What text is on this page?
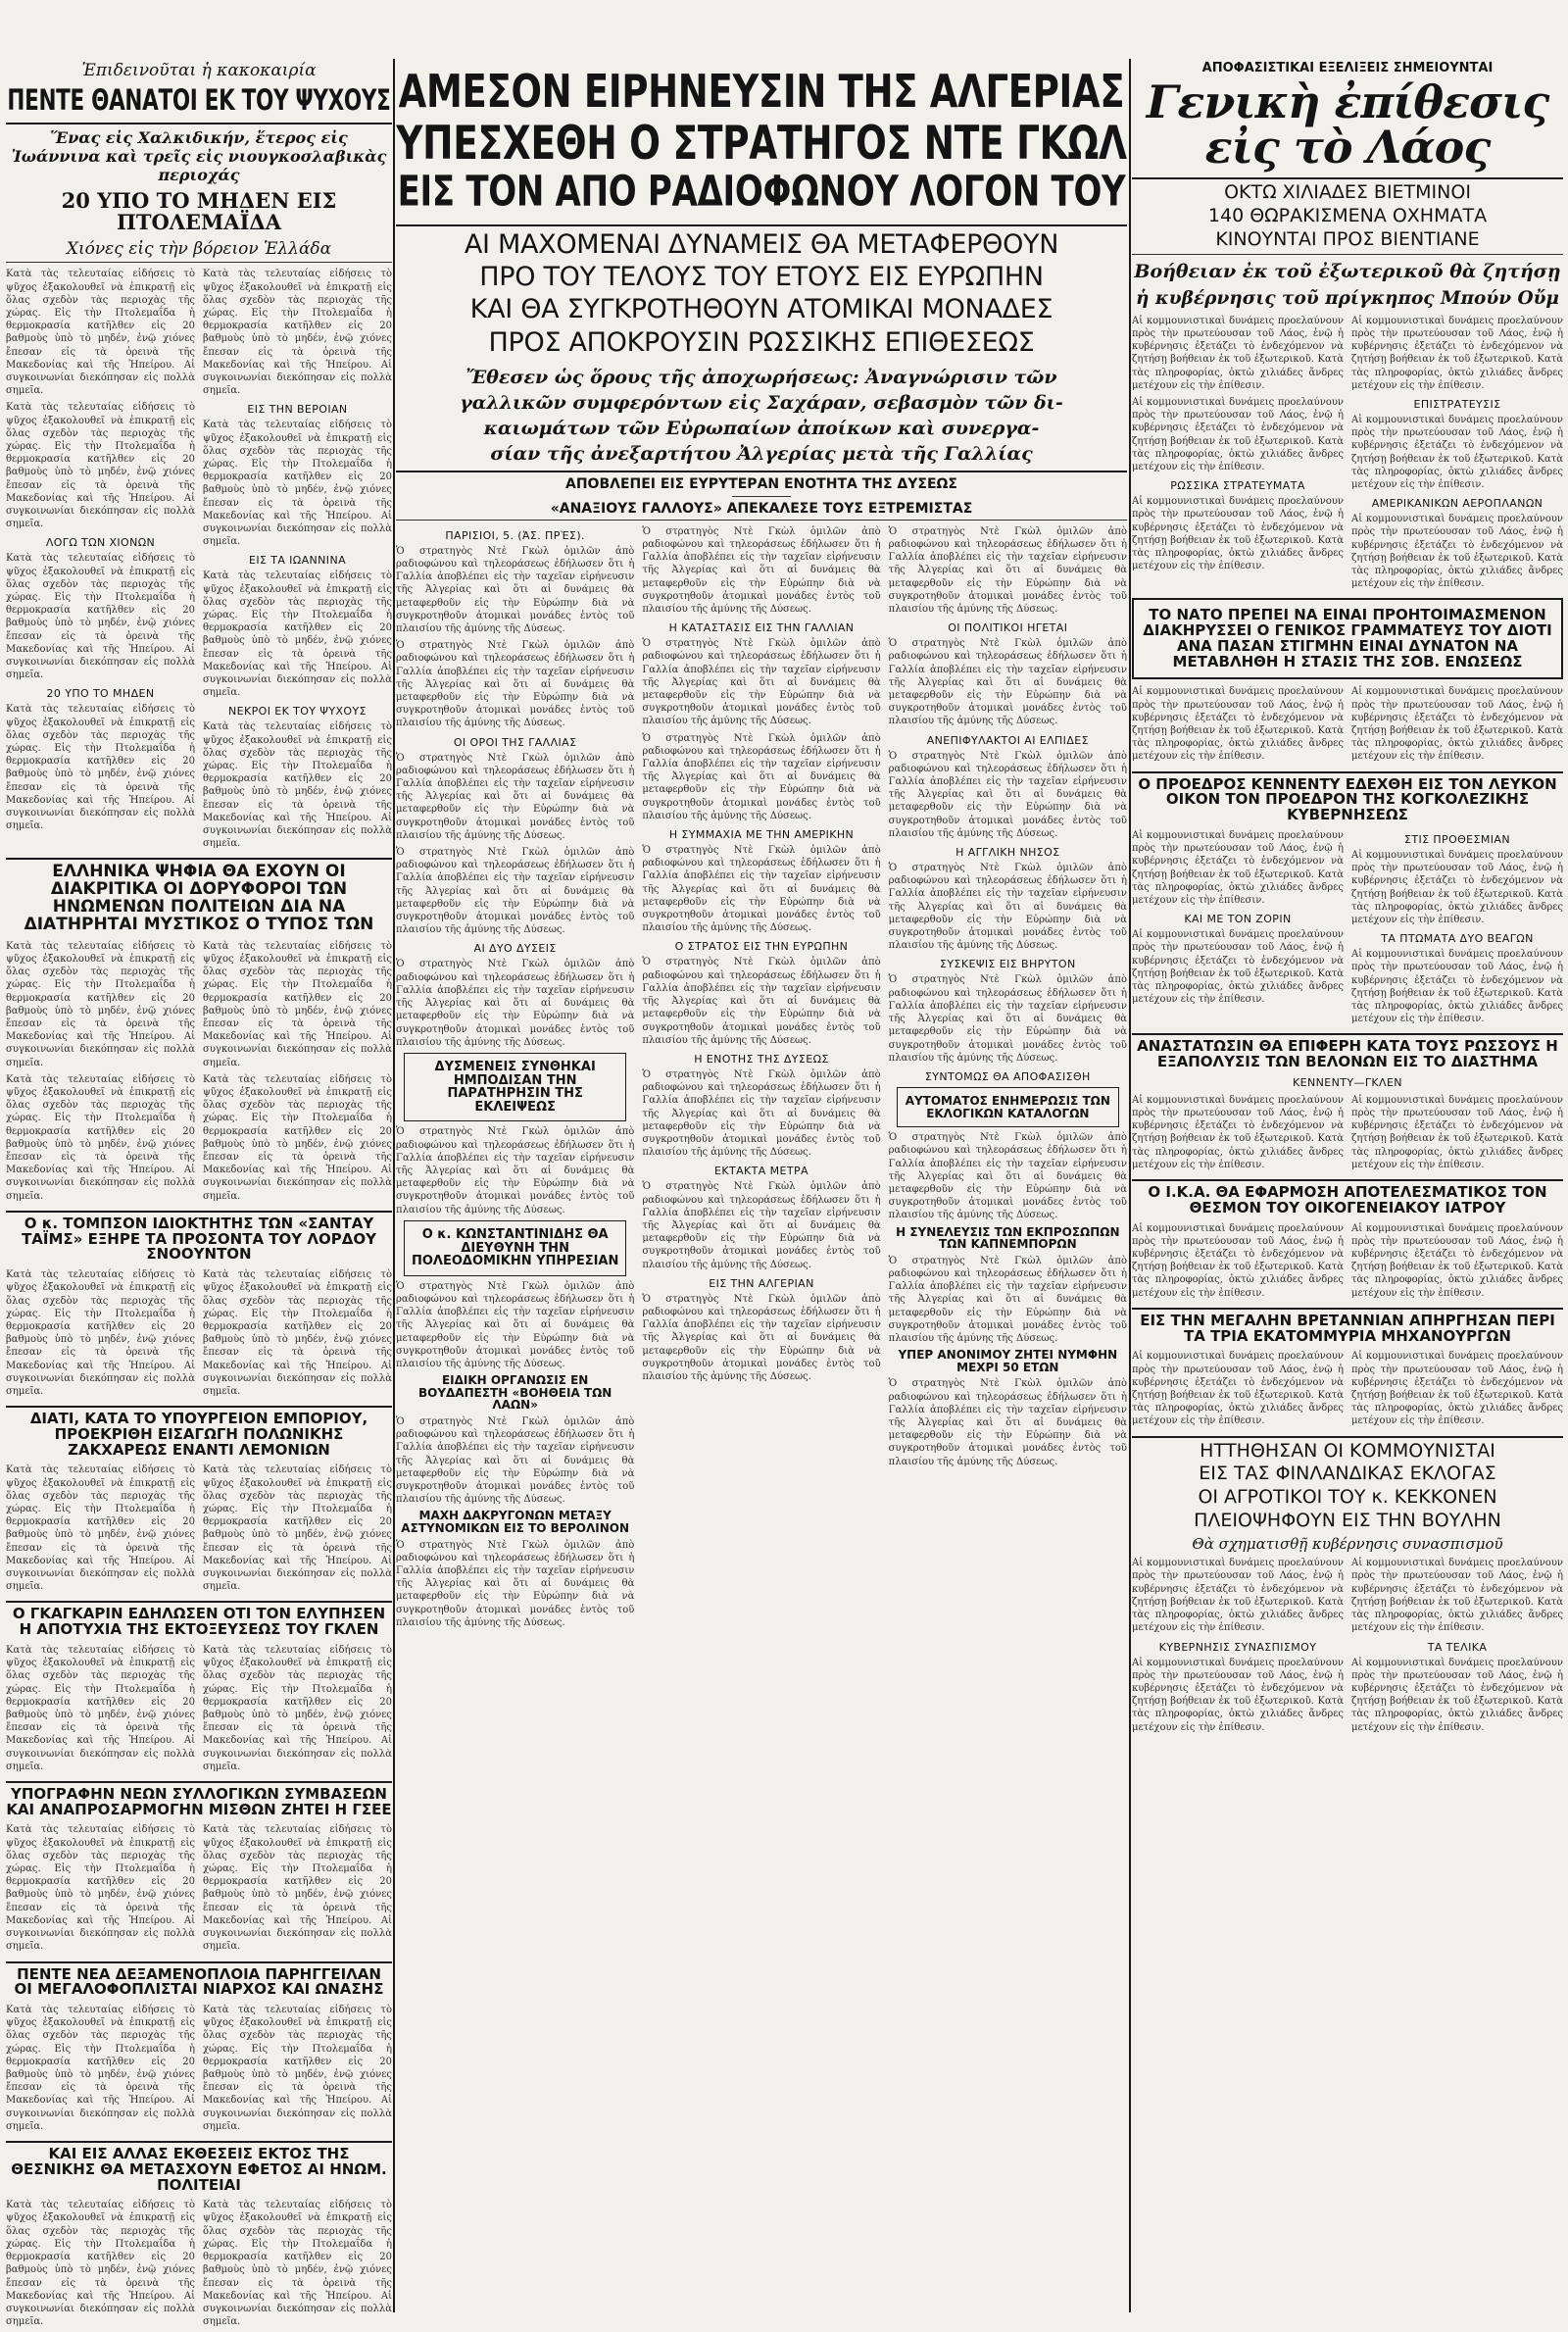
Ἐπιδεινοῦται ἡ κακοκαιρία
ΠΕΝΤΕ ΘΑΝΑΤΟΙ ΕΚ ΤΟΥ ΨΥΧΟΥΣ
Ἕνας εἰς Χαλκιδικήν, ἕτερος εἰς Ἰωάννινα καὶ τρεῖς εἰς νιουγκοσλαβικὰς περιοχάς
20 ΥΠΟ ΤΟ ΜΗΔΕΝ ΕΙΣ ΠΤΟΛΕΜΑΪΔΑ
Χιόνες εἰς τὴν βόρειον Ἑλλάδα

Κατὰ τὰς τελευταίας εἰδήσεις τὸ ψῦχος ἐξακολουθεῖ νὰ ἐπικρατῇ εἰς ὅλας σχεδὸν τὰς περιοχὰς τῆς χώρας. Εἰς τὴν Πτολεμαΐδα ἡ θερμοκρασία κατῆλθεν εἰς 20 βαθμοὺς ὑπὸ τὸ μηδέν, ἐνῷ χιόνες ἔπεσαν εἰς τὰ ὀρεινὰ τῆς Μακεδονίας καὶ τῆς Ἠπείρου. Αἱ συγκοινωνίαι διεκόπησαν εἰς πολλὰ σημεῖα.

Κατὰ τὰς τελευταίας εἰδήσεις τὸ ψῦχος ἐξακολουθεῖ νὰ ἐπικρατῇ εἰς ὅλας σχεδὸν τὰς περιοχὰς τῆς χώρας. Εἰς τὴν Πτολεμαΐδα ἡ θερμοκρασία κατῆλθεν εἰς 20 βαθμοὺς ὑπὸ τὸ μηδέν, ἐνῷ χιόνες ἔπεσαν εἰς τὰ ὀρεινὰ τῆς Μακεδονίας καὶ τῆς Ἠπείρου. Αἱ συγκοινωνίαι διεκόπησαν εἰς πολλὰ σημεῖα.

ΛΟΓΩ ΤΩΝ ΧΙΟΝΩΝ

Κατὰ τὰς τελευταίας εἰδήσεις τὸ ψῦχος ἐξακολουθεῖ νὰ ἐπικρατῇ εἰς ὅλας σχεδὸν τὰς περιοχὰς τῆς χώρας. Εἰς τὴν Πτολεμαΐδα ἡ θερμοκρασία κατῆλθεν εἰς 20 βαθμοὺς ὑπὸ τὸ μηδέν, ἐνῷ χιόνες ἔπεσαν εἰς τὰ ὀρεινὰ τῆς Μακεδονίας καὶ τῆς Ἠπείρου. Αἱ συγκοινωνίαι διεκόπησαν εἰς πολλὰ σημεῖα.

20 ΥΠΟ ΤΟ ΜΗΔΕΝ

Κατὰ τὰς τελευταίας εἰδήσεις τὸ ψῦχος ἐξακολουθεῖ νὰ ἐπικρατῇ εἰς ὅλας σχεδὸν τὰς περιοχὰς τῆς χώρας. Εἰς τὴν Πτολεμαΐδα ἡ θερμοκρασία κατῆλθεν εἰς 20 βαθμοὺς ὑπὸ τὸ μηδέν, ἐνῷ χιόνες ἔπεσαν εἰς τὰ ὀρεινὰ τῆς Μακεδονίας καὶ τῆς Ἠπείρου. Αἱ συγκοινωνίαι διεκόπησαν εἰς πολλὰ σημεῖα.

Κατὰ τὰς τελευταίας εἰδήσεις τὸ ψῦχος ἐξακολουθεῖ νὰ ἐπικρατῇ εἰς ὅλας σχεδὸν τὰς περιοχὰς τῆς χώρας. Εἰς τὴν Πτολεμαΐδα ἡ θερμοκρασία κατῆλθεν εἰς 20 βαθμοὺς ὑπὸ τὸ μηδέν, ἐνῷ χιόνες ἔπεσαν εἰς τὰ ὀρεινὰ τῆς Μακεδονίας καὶ τῆς Ἠπείρου. Αἱ συγκοινωνίαι διεκόπησαν εἰς πολλὰ σημεῖα.

ΕΙΣ ΤΗΝ ΒΕΡΟΙΑΝ

Κατὰ τὰς τελευταίας εἰδήσεις τὸ ψῦχος ἐξακολουθεῖ νὰ ἐπικρατῇ εἰς ὅλας σχεδὸν τὰς περιοχὰς τῆς χώρας. Εἰς τὴν Πτολεμαΐδα ἡ θερμοκρασία κατῆλθεν εἰς 20 βαθμοὺς ὑπὸ τὸ μηδέν, ἐνῷ χιόνες ἔπεσαν εἰς τὰ ὀρεινὰ τῆς Μακεδονίας καὶ τῆς Ἠπείρου. Αἱ συγκοινωνίαι διεκόπησαν εἰς πολλὰ σημεῖα.

ΕΙΣ ΤΑ ΙΩΑΝΝΙΝΑ

Κατὰ τὰς τελευταίας εἰδήσεις τὸ ψῦχος ἐξακολουθεῖ νὰ ἐπικρατῇ εἰς ὅλας σχεδὸν τὰς περιοχὰς τῆς χώρας. Εἰς τὴν Πτολεμαΐδα ἡ θερμοκρασία κατῆλθεν εἰς 20 βαθμοὺς ὑπὸ τὸ μηδέν, ἐνῷ χιόνες ἔπεσαν εἰς τὰ ὀρεινὰ τῆς Μακεδονίας καὶ τῆς Ἠπείρου. Αἱ συγκοινωνίαι διεκόπησαν εἰς πολλὰ σημεῖα.

ΝΕΚΡΟΙ ΕΚ ΤΟΥ ΨΥΧΟΥΣ

Κατὰ τὰς τελευταίας εἰδήσεις τὸ ψῦχος ἐξακολουθεῖ νὰ ἐπικρατῇ εἰς ὅλας σχεδὸν τὰς περιοχὰς τῆς χώρας. Εἰς τὴν Πτολεμαΐδα ἡ θερμοκρασία κατῆλθεν εἰς 20 βαθμοὺς ὑπὸ τὸ μηδέν, ἐνῷ χιόνες ἔπεσαν εἰς τὰ ὀρεινὰ τῆς Μακεδονίας καὶ τῆς Ἠπείρου. Αἱ συγκοινωνίαι διεκόπησαν εἰς πολλὰ σημεῖα.

ΕΛΛΗΝΙΚΑ ΨΗΦΙΑ ΘΑ ΕΧΟΥΝ ΟΙ ΔΙΑΚΡΙΤΙΚΑ ΟΙ ΔΟΡΥΦΟΡΟΙ ΤΩΝ ΗΝΩΜΕΝΩΝ ΠΟΛΙΤΕΙΩΝ ΔΙΑ ΝΑ ΔΙΑΤΗΡΗΤΑΙ ΜΥΣΤΙΚΟΣ Ο ΤΥΠΟΣ ΤΩΝ

Κατὰ τὰς τελευταίας εἰδήσεις τὸ ψῦχος ἐξακολουθεῖ νὰ ἐπικρατῇ εἰς ὅλας σχεδὸν τὰς περιοχὰς τῆς χώρας. Εἰς τὴν Πτολεμαΐδα ἡ θερμοκρασία κατῆλθεν εἰς 20 βαθμοὺς ὑπὸ τὸ μηδέν, ἐνῷ χιόνες ἔπεσαν εἰς τὰ ὀρεινὰ τῆς Μακεδονίας καὶ τῆς Ἠπείρου. Αἱ συγκοινωνίαι διεκόπησαν εἰς πολλὰ σημεῖα.

Κατὰ τὰς τελευταίας εἰδήσεις τὸ ψῦχος ἐξακολουθεῖ νὰ ἐπικρατῇ εἰς ὅλας σχεδὸν τὰς περιοχὰς τῆς χώρας. Εἰς τὴν Πτολεμαΐδα ἡ θερμοκρασία κατῆλθεν εἰς 20 βαθμοὺς ὑπὸ τὸ μηδέν, ἐνῷ χιόνες ἔπεσαν εἰς τὰ ὀρεινὰ τῆς Μακεδονίας καὶ τῆς Ἠπείρου. Αἱ συγκοινωνίαι διεκόπησαν εἰς πολλὰ σημεῖα.

Κατὰ τὰς τελευταίας εἰδήσεις τὸ ψῦχος ἐξακολουθεῖ νὰ ἐπικρατῇ εἰς ὅλας σχεδὸν τὰς περιοχὰς τῆς χώρας. Εἰς τὴν Πτολεμαΐδα ἡ θερμοκρασία κατῆλθεν εἰς 20 βαθμοὺς ὑπὸ τὸ μηδέν, ἐνῷ χιόνες ἔπεσαν εἰς τὰ ὀρεινὰ τῆς Μακεδονίας καὶ τῆς Ἠπείρου. Αἱ συγκοινωνίαι διεκόπησαν εἰς πολλὰ σημεῖα.

Κατὰ τὰς τελευταίας εἰδήσεις τὸ ψῦχος ἐξακολουθεῖ νὰ ἐπικρατῇ εἰς ὅλας σχεδὸν τὰς περιοχὰς τῆς χώρας. Εἰς τὴν Πτολεμαΐδα ἡ θερμοκρασία κατῆλθεν εἰς 20 βαθμοὺς ὑπὸ τὸ μηδέν, ἐνῷ χιόνες ἔπεσαν εἰς τὰ ὀρεινὰ τῆς Μακεδονίας καὶ τῆς Ἠπείρου. Αἱ συγκοινωνίαι διεκόπησαν εἰς πολλὰ σημεῖα.

Ο κ. ΤΟΜΠΣΟΝ ΙΔΙΟΚΤΗΤΗΣ ΤΩΝ «ΣΑΝΤΑΥ ΤΑΪΜΣ» ΕΞΗΡΕ ΤΑ ΠΡΟΣΟΝΤΑ ΤΟΥ ΛΟΡΔΟΥ ΣΝΟΟΥΝΤΟΝ

Κατὰ τὰς τελευταίας εἰδήσεις τὸ ψῦχος ἐξακολουθεῖ νὰ ἐπικρατῇ εἰς ὅλας σχεδὸν τὰς περιοχὰς τῆς χώρας. Εἰς τὴν Πτολεμαΐδα ἡ θερμοκρασία κατῆλθεν εἰς 20 βαθμοὺς ὑπὸ τὸ μηδέν, ἐνῷ χιόνες ἔπεσαν εἰς τὰ ὀρεινὰ τῆς Μακεδονίας καὶ τῆς Ἠπείρου. Αἱ συγκοινωνίαι διεκόπησαν εἰς πολλὰ σημεῖα.

Κατὰ τὰς τελευταίας εἰδήσεις τὸ ψῦχος ἐξακολουθεῖ νὰ ἐπικρατῇ εἰς ὅλας σχεδὸν τὰς περιοχὰς τῆς χώρας. Εἰς τὴν Πτολεμαΐδα ἡ θερμοκρασία κατῆλθεν εἰς 20 βαθμοὺς ὑπὸ τὸ μηδέν, ἐνῷ χιόνες ἔπεσαν εἰς τὰ ὀρεινὰ τῆς Μακεδονίας καὶ τῆς Ἠπείρου. Αἱ συγκοινωνίαι διεκόπησαν εἰς πολλὰ σημεῖα.

ΔΙΑΤΙ, ΚΑΤΑ ΤΟ ΥΠΟΥΡΓΕΙΟΝ ΕΜΠΟΡΙΟΥ, ΠΡΟΕΚΡΙΘΗ ΕΙΣΑΓΩΓΗ ΠΟΛΩΝΙΚΗΣ ΖΑΚΧΑΡΕΩΣ ΕΝΑΝΤΙ ΛΕΜΟΝΙΩΝ

Κατὰ τὰς τελευταίας εἰδήσεις τὸ ψῦχος ἐξακολουθεῖ νὰ ἐπικρατῇ εἰς ὅλας σχεδὸν τὰς περιοχὰς τῆς χώρας. Εἰς τὴν Πτολεμαΐδα ἡ θερμοκρασία κατῆλθεν εἰς 20 βαθμοὺς ὑπὸ τὸ μηδέν, ἐνῷ χιόνες ἔπεσαν εἰς τὰ ὀρεινὰ τῆς Μακεδονίας καὶ τῆς Ἠπείρου. Αἱ συγκοινωνίαι διεκόπησαν εἰς πολλὰ σημεῖα.

Κατὰ τὰς τελευταίας εἰδήσεις τὸ ψῦχος ἐξακολουθεῖ νὰ ἐπικρατῇ εἰς ὅλας σχεδὸν τὰς περιοχὰς τῆς χώρας. Εἰς τὴν Πτολεμαΐδα ἡ θερμοκρασία κατῆλθεν εἰς 20 βαθμοὺς ὑπὸ τὸ μηδέν, ἐνῷ χιόνες ἔπεσαν εἰς τὰ ὀρεινὰ τῆς Μακεδονίας καὶ τῆς Ἠπείρου. Αἱ συγκοινωνίαι διεκόπησαν εἰς πολλὰ σημεῖα.

Ο ΓΚΑΓΚΑΡΙΝ ΕΔΗΛΩΣΕΝ ΟΤΙ ΤΟΝ ΕΛΥΠΗΣΕΝ Η ΑΠΟΤΥΧΙΑ ΤΗΣ ΕΚΤΟΞΕΥΣΕΩΣ ΤΟΥ ΓΚΛΕΝ

Κατὰ τὰς τελευταίας εἰδήσεις τὸ ψῦχος ἐξακολουθεῖ νὰ ἐπικρατῇ εἰς ὅλας σχεδὸν τὰς περιοχὰς τῆς χώρας. Εἰς τὴν Πτολεμαΐδα ἡ θερμοκρασία κατῆλθεν εἰς 20 βαθμοὺς ὑπὸ τὸ μηδέν, ἐνῷ χιόνες ἔπεσαν εἰς τὰ ὀρεινὰ τῆς Μακεδονίας καὶ τῆς Ἠπείρου. Αἱ συγκοινωνίαι διεκόπησαν εἰς πολλὰ σημεῖα.

Κατὰ τὰς τελευταίας εἰδήσεις τὸ ψῦχος ἐξακολουθεῖ νὰ ἐπικρατῇ εἰς ὅλας σχεδὸν τὰς περιοχὰς τῆς χώρας. Εἰς τὴν Πτολεμαΐδα ἡ θερμοκρασία κατῆλθεν εἰς 20 βαθμοὺς ὑπὸ τὸ μηδέν, ἐνῷ χιόνες ἔπεσαν εἰς τὰ ὀρεινὰ τῆς Μακεδονίας καὶ τῆς Ἠπείρου. Αἱ συγκοινωνίαι διεκόπησαν εἰς πολλὰ σημεῖα.

ΥΠΟΓΡΑΦΗΝ ΝΕΩΝ ΣΥΛΛΟΓΙΚΩΝ ΣΥΜΒΑΣΕΩΝ ΚΑΙ ΑΝΑΠΡΟΣΑΡΜΟΓΗΝ ΜΙΣΘΩΝ ΖΗΤΕΙ Η ΓΣΕΕ

Κατὰ τὰς τελευταίας εἰδήσεις τὸ ψῦχος ἐξακολουθεῖ νὰ ἐπικρατῇ εἰς ὅλας σχεδὸν τὰς περιοχὰς τῆς χώρας. Εἰς τὴν Πτολεμαΐδα ἡ θερμοκρασία κατῆλθεν εἰς 20 βαθμοὺς ὑπὸ τὸ μηδέν, ἐνῷ χιόνες ἔπεσαν εἰς τὰ ὀρεινὰ τῆς Μακεδονίας καὶ τῆς Ἠπείρου. Αἱ συγκοινωνίαι διεκόπησαν εἰς πολλὰ σημεῖα.

Κατὰ τὰς τελευταίας εἰδήσεις τὸ ψῦχος ἐξακολουθεῖ νὰ ἐπικρατῇ εἰς ὅλας σχεδὸν τὰς περιοχὰς τῆς χώρας. Εἰς τὴν Πτολεμαΐδα ἡ θερμοκρασία κατῆλθεν εἰς 20 βαθμοὺς ὑπὸ τὸ μηδέν, ἐνῷ χιόνες ἔπεσαν εἰς τὰ ὀρεινὰ τῆς Μακεδονίας καὶ τῆς Ἠπείρου. Αἱ συγκοινωνίαι διεκόπησαν εἰς πολλὰ σημεῖα.

ΠΕΝΤΕ ΝΕΑ ΔΕΞΑΜΕΝΟΠΛΟΙΑ ΠΑΡΗΓΓΕΙΛΑΝ ΟΙ ΜΕΓΑΛΟΦΟΠΛΙΣΤΑΙ ΝΙΑΡΧΟΣ ΚΑΙ ΩΝΑΣΗΣ

Κατὰ τὰς τελευταίας εἰδήσεις τὸ ψῦχος ἐξακολουθεῖ νὰ ἐπικρατῇ εἰς ὅλας σχεδὸν τὰς περιοχὰς τῆς χώρας. Εἰς τὴν Πτολεμαΐδα ἡ θερμοκρασία κατῆλθεν εἰς 20 βαθμοὺς ὑπὸ τὸ μηδέν, ἐνῷ χιόνες ἔπεσαν εἰς τὰ ὀρεινὰ τῆς Μακεδονίας καὶ τῆς Ἠπείρου. Αἱ συγκοινωνίαι διεκόπησαν εἰς πολλὰ σημεῖα.

Κατὰ τὰς τελευταίας εἰδήσεις τὸ ψῦχος ἐξακολουθεῖ νὰ ἐπικρατῇ εἰς ὅλας σχεδὸν τὰς περιοχὰς τῆς χώρας. Εἰς τὴν Πτολεμαΐδα ἡ θερμοκρασία κατῆλθεν εἰς 20 βαθμοὺς ὑπὸ τὸ μηδέν, ἐνῷ χιόνες ἔπεσαν εἰς τὰ ὀρεινὰ τῆς Μακεδονίας καὶ τῆς Ἠπείρου. Αἱ συγκοινωνίαι διεκόπησαν εἰς πολλὰ σημεῖα.

ΚΑΙ ΕΙΣ ΑΛΛΑΣ ΕΚΘΕΣΕΙΣ ΕΚΤΟΣ ΤΗΣ ΘΕΣΝΙΚΗΣ ΘΑ ΜΕΤΑΣΧΟΥΝ ΕΦΕΤΟΣ ΑΙ ΗΝΩΜ. ΠΟΛΙΤΕΙΑΙ

Κατὰ τὰς τελευταίας εἰδήσεις τὸ ψῦχος ἐξακολουθεῖ νὰ ἐπικρατῇ εἰς ὅλας σχεδὸν τὰς περιοχὰς τῆς χώρας. Εἰς τὴν Πτολεμαΐδα ἡ θερμοκρασία κατῆλθεν εἰς 20 βαθμοὺς ὑπὸ τὸ μηδέν, ἐνῷ χιόνες ἔπεσαν εἰς τὰ ὀρεινὰ τῆς Μακεδονίας καὶ τῆς Ἠπείρου. Αἱ συγκοινωνίαι διεκόπησαν εἰς πολλὰ σημεῖα.

Κατὰ τὰς τελευταίας εἰδήσεις τὸ ψῦχος ἐξακολουθεῖ νὰ ἐπικρατῇ εἰς ὅλας σχεδὸν τὰς περιοχὰς τῆς χώρας. Εἰς τὴν Πτολεμαΐδα ἡ θερμοκρασία κατῆλθεν εἰς 20 βαθμοὺς ὑπὸ τὸ μηδέν, ἐνῷ χιόνες ἔπεσαν εἰς τὰ ὀρεινὰ τῆς Μακεδονίας καὶ τῆς Ἠπείρου. Αἱ συγκοινωνίαι διεκόπησαν εἰς πολλὰ σημεῖα.

ΑΜΕΣΟΝ ΕΙΡΗΝΕΥΣΙΝ ΤΗΣ ΑΛΓΕΡΙΑΣ
ΥΠΕΣΧΕΘΗ Ο ΣΤΡΑΤΗΓΟΣ ΝΤΕ ΓΚΩΛ
ΕΙΣ ΤΟΝ ΑΠΟ ΡΑΔΙΟΦΩΝΟΥ ΛΟΓΟΝ ΤΟΥ
ΑΙ ΜΑΧΟΜΕΝΑΙ ΔΥΝΑΜΕΙΣ ΘΑ ΜΕΤΑΦΕΡΘΟΥΝ
ΠΡΟ ΤΟΥ ΤΕΛΟΥΣ ΤΟΥ ΕΤΟΥΣ ΕΙΣ ΕΥΡΩΠΗΝ
ΚΑΙ ΘΑ ΣΥΓΚΡΟΤΗΘΟΥΝ ΑΤΟΜΙΚΑΙ ΜΟΝΑΔΕΣ
ΠΡΟΣ ΑΠΟΚΡΟΥΣΙΝ ΡΩΣΣΙΚΗΣ ΕΠΙΘΕΣΕΩΣ
Ἔθεσεν ὡς ὅρους τῆς ἀποχωρήσεως: Ἀναγνώρισιν τῶν
γαλλικῶν συμφερόντων εἰς Σαχάραν, σεβασμὸν τῶν δι-
καιωμάτων τῶν Εὐρωπαίων ἀποίκων καὶ συνεργα-
σίαν τῆς ἀνεξαρτήτου Ἀλγερίας μετὰ τῆς Γαλλίας
ΑΠΟΒΛΕΠΕΙ ΕΙΣ ΕΥΡΥΤΕΡΑΝ ΕΝΟΤΗΤΑ ΤΗΣ ΔΥΣΕΩΣ
«ΑΝΑΞΙΟΥΣ ΓΑΛΛΟΥΣ» ΑΠΕΚΑΛΕΣΕ ΤΟΥΣ ΕΞΤΡΕΜΙΣΤΑΣ
ΠΑΡΙΣΙΟΙ, 5. (ἈΣ. ΠΡῈΣ).

Ὁ στρατηγὸς Ντὲ Γκὼλ ὁμιλῶν ἀπὸ ραδιοφώνου καὶ τηλεοράσεως ἐδήλωσεν ὅτι ἡ Γαλλία ἀποβλέπει εἰς τὴν ταχεῖαν εἰρήνευσιν τῆς Ἀλγερίας καὶ ὅτι αἱ δυνάμεις θὰ μεταφερθοῦν εἰς τὴν Εὐρώπην διὰ νὰ συγκροτηθοῦν ἀτομικαὶ μονάδες ἐντὸς τοῦ πλαισίου τῆς ἀμύνης τῆς Δύσεως.

Ὁ στρατηγὸς Ντὲ Γκὼλ ὁμιλῶν ἀπὸ ραδιοφώνου καὶ τηλεοράσεως ἐδήλωσεν ὅτι ἡ Γαλλία ἀποβλέπει εἰς τὴν ταχεῖαν εἰρήνευσιν τῆς Ἀλγερίας καὶ ὅτι αἱ δυνάμεις θὰ μεταφερθοῦν εἰς τὴν Εὐρώπην διὰ νὰ συγκροτηθοῦν ἀτομικαὶ μονάδες ἐντὸς τοῦ πλαισίου τῆς ἀμύνης τῆς Δύσεως.

ΟΙ ΟΡΟΙ ΤΗΣ ΓΑΛΛΙΑΣ

Ὁ στρατηγὸς Ντὲ Γκὼλ ὁμιλῶν ἀπὸ ραδιοφώνου καὶ τηλεοράσεως ἐδήλωσεν ὅτι ἡ Γαλλία ἀποβλέπει εἰς τὴν ταχεῖαν εἰρήνευσιν τῆς Ἀλγερίας καὶ ὅτι αἱ δυνάμεις θὰ μεταφερθοῦν εἰς τὴν Εὐρώπην διὰ νὰ συγκροτηθοῦν ἀτομικαὶ μονάδες ἐντὸς τοῦ πλαισίου τῆς ἀμύνης τῆς Δύσεως.

Ὁ στρατηγὸς Ντὲ Γκὼλ ὁμιλῶν ἀπὸ ραδιοφώνου καὶ τηλεοράσεως ἐδήλωσεν ὅτι ἡ Γαλλία ἀποβλέπει εἰς τὴν ταχεῖαν εἰρήνευσιν τῆς Ἀλγερίας καὶ ὅτι αἱ δυνάμεις θὰ μεταφερθοῦν εἰς τὴν Εὐρώπην διὰ νὰ συγκροτηθοῦν ἀτομικαὶ μονάδες ἐντὸς τοῦ πλαισίου τῆς ἀμύνης τῆς Δύσεως.

ΑΙ ΔΥΟ ΔΥΣΕΙΣ

Ὁ στρατηγὸς Ντὲ Γκὼλ ὁμιλῶν ἀπὸ ραδιοφώνου καὶ τηλεοράσεως ἐδήλωσεν ὅτι ἡ Γαλλία ἀποβλέπει εἰς τὴν ταχεῖαν εἰρήνευσιν τῆς Ἀλγερίας καὶ ὅτι αἱ δυνάμεις θὰ μεταφερθοῦν εἰς τὴν Εὐρώπην διὰ νὰ συγκροτηθοῦν ἀτομικαὶ μονάδες ἐντὸς τοῦ πλαισίου τῆς ἀμύνης τῆς Δύσεως.

ΔΥΣΜΕΝΕΙΣ ΣΥΝΘΗΚΑΙ ΗΜΠΟΔΙΣΑΝ ΤΗΝ ΠΑΡΑΤΗΡΗΣΙΝ ΤΗΣ ΕΚΛΕΙΨΕΩΣ

Ὁ στρατηγὸς Ντὲ Γκὼλ ὁμιλῶν ἀπὸ ραδιοφώνου καὶ τηλεοράσεως ἐδήλωσεν ὅτι ἡ Γαλλία ἀποβλέπει εἰς τὴν ταχεῖαν εἰρήνευσιν τῆς Ἀλγερίας καὶ ὅτι αἱ δυνάμεις θὰ μεταφερθοῦν εἰς τὴν Εὐρώπην διὰ νὰ συγκροτηθοῦν ἀτομικαὶ μονάδες ἐντὸς τοῦ πλαισίου τῆς ἀμύνης τῆς Δύσεως.

Ο κ. ΚΩΝΣΤΑΝΤΙΝΙΔΗΣ ΘΑ ΔΙΕΥΘΥΝΗ ΤΗΝ ΠΟΛΕΟΔΟΜΙΚΗΝ ΥΠΗΡΕΣΙΑΝ

Ὁ στρατηγὸς Ντὲ Γκὼλ ὁμιλῶν ἀπὸ ραδιοφώνου καὶ τηλεοράσεως ἐδήλωσεν ὅτι ἡ Γαλλία ἀποβλέπει εἰς τὴν ταχεῖαν εἰρήνευσιν τῆς Ἀλγερίας καὶ ὅτι αἱ δυνάμεις θὰ μεταφερθοῦν εἰς τὴν Εὐρώπην διὰ νὰ συγκροτηθοῦν ἀτομικαὶ μονάδες ἐντὸς τοῦ πλαισίου τῆς ἀμύνης τῆς Δύσεως.

ΕΙΔΙΚΗ ΟΡΓΑΝΩΣΙΣ ΕΝ ΒΟΥΔΑΠΕΣΤΗ «ΒΟΗΘΕΙΑ ΤΩΝ ΛΑΩΝ»

Ὁ στρατηγὸς Ντὲ Γκὼλ ὁμιλῶν ἀπὸ ραδιοφώνου καὶ τηλεοράσεως ἐδήλωσεν ὅτι ἡ Γαλλία ἀποβλέπει εἰς τὴν ταχεῖαν εἰρήνευσιν τῆς Ἀλγερίας καὶ ὅτι αἱ δυνάμεις θὰ μεταφερθοῦν εἰς τὴν Εὐρώπην διὰ νὰ συγκροτηθοῦν ἀτομικαὶ μονάδες ἐντὸς τοῦ πλαισίου τῆς ἀμύνης τῆς Δύσεως.

ΜΑΧΗ ΔΑΚΡΥΓΟΝΩΝ ΜΕΤΑΞΥ ΑΣΤΥΝΟΜΙΚΩΝ ΕΙΣ ΤΟ ΒΕΡΟΛΙΝΟΝ

Ὁ στρατηγὸς Ντὲ Γκὼλ ὁμιλῶν ἀπὸ ραδιοφώνου καὶ τηλεοράσεως ἐδήλωσεν ὅτι ἡ Γαλλία ἀποβλέπει εἰς τὴν ταχεῖαν εἰρήνευσιν τῆς Ἀλγερίας καὶ ὅτι αἱ δυνάμεις θὰ μεταφερθοῦν εἰς τὴν Εὐρώπην διὰ νὰ συγκροτηθοῦν ἀτομικαὶ μονάδες ἐντὸς τοῦ πλαισίου τῆς ἀμύνης τῆς Δύσεως.

Ὁ στρατηγὸς Ντὲ Γκὼλ ὁμιλῶν ἀπὸ ραδιοφώνου καὶ τηλεοράσεως ἐδήλωσεν ὅτι ἡ Γαλλία ἀποβλέπει εἰς τὴν ταχεῖαν εἰρήνευσιν τῆς Ἀλγερίας καὶ ὅτι αἱ δυνάμεις θὰ μεταφερθοῦν εἰς τὴν Εὐρώπην διὰ νὰ συγκροτηθοῦν ἀτομικαὶ μονάδες ἐντὸς τοῦ πλαισίου τῆς ἀμύνης τῆς Δύσεως.

Η ΚΑΤΑΣΤΑΣΙΣ ΕΙΣ ΤΗΝ ΓΑΛΛΙΑΝ

Ὁ στρατηγὸς Ντὲ Γκὼλ ὁμιλῶν ἀπὸ ραδιοφώνου καὶ τηλεοράσεως ἐδήλωσεν ὅτι ἡ Γαλλία ἀποβλέπει εἰς τὴν ταχεῖαν εἰρήνευσιν τῆς Ἀλγερίας καὶ ὅτι αἱ δυνάμεις θὰ μεταφερθοῦν εἰς τὴν Εὐρώπην διὰ νὰ συγκροτηθοῦν ἀτομικαὶ μονάδες ἐντὸς τοῦ πλαισίου τῆς ἀμύνης τῆς Δύσεως.

Ὁ στρατηγὸς Ντὲ Γκὼλ ὁμιλῶν ἀπὸ ραδιοφώνου καὶ τηλεοράσεως ἐδήλωσεν ὅτι ἡ Γαλλία ἀποβλέπει εἰς τὴν ταχεῖαν εἰρήνευσιν τῆς Ἀλγερίας καὶ ὅτι αἱ δυνάμεις θὰ μεταφερθοῦν εἰς τὴν Εὐρώπην διὰ νὰ συγκροτηθοῦν ἀτομικαὶ μονάδες ἐντὸς τοῦ πλαισίου τῆς ἀμύνης τῆς Δύσεως.

Η ΣΥΜΜΑΧΙΑ ΜΕ ΤΗΝ ΑΜΕΡΙΚΗΝ

Ὁ στρατηγὸς Ντὲ Γκὼλ ὁμιλῶν ἀπὸ ραδιοφώνου καὶ τηλεοράσεως ἐδήλωσεν ὅτι ἡ Γαλλία ἀποβλέπει εἰς τὴν ταχεῖαν εἰρήνευσιν τῆς Ἀλγερίας καὶ ὅτι αἱ δυνάμεις θὰ μεταφερθοῦν εἰς τὴν Εὐρώπην διὰ νὰ συγκροτηθοῦν ἀτομικαὶ μονάδες ἐντὸς τοῦ πλαισίου τῆς ἀμύνης τῆς Δύσεως.

Ο ΣΤΡΑΤΟΣ ΕΙΣ ΤΗΝ ΕΥΡΩΠΗΝ

Ὁ στρατηγὸς Ντὲ Γκὼλ ὁμιλῶν ἀπὸ ραδιοφώνου καὶ τηλεοράσεως ἐδήλωσεν ὅτι ἡ Γαλλία ἀποβλέπει εἰς τὴν ταχεῖαν εἰρήνευσιν τῆς Ἀλγερίας καὶ ὅτι αἱ δυνάμεις θὰ μεταφερθοῦν εἰς τὴν Εὐρώπην διὰ νὰ συγκροτηθοῦν ἀτομικαὶ μονάδες ἐντὸς τοῦ πλαισίου τῆς ἀμύνης τῆς Δύσεως.

Η ΕΝΟΤΗΣ ΤΗΣ ΔΥΣΕΩΣ

Ὁ στρατηγὸς Ντὲ Γκὼλ ὁμιλῶν ἀπὸ ραδιοφώνου καὶ τηλεοράσεως ἐδήλωσεν ὅτι ἡ Γαλλία ἀποβλέπει εἰς τὴν ταχεῖαν εἰρήνευσιν τῆς Ἀλγερίας καὶ ὅτι αἱ δυνάμεις θὰ μεταφερθοῦν εἰς τὴν Εὐρώπην διὰ νὰ συγκροτηθοῦν ἀτομικαὶ μονάδες ἐντὸς τοῦ πλαισίου τῆς ἀμύνης τῆς Δύσεως.

ΕΚΤΑΚΤΑ ΜΕΤΡΑ

Ὁ στρατηγὸς Ντὲ Γκὼλ ὁμιλῶν ἀπὸ ραδιοφώνου καὶ τηλεοράσεως ἐδήλωσεν ὅτι ἡ Γαλλία ἀποβλέπει εἰς τὴν ταχεῖαν εἰρήνευσιν τῆς Ἀλγερίας καὶ ὅτι αἱ δυνάμεις θὰ μεταφερθοῦν εἰς τὴν Εὐρώπην διὰ νὰ συγκροτηθοῦν ἀτομικαὶ μονάδες ἐντὸς τοῦ πλαισίου τῆς ἀμύνης τῆς Δύσεως.

ΕΙΣ ΤΗΝ ΑΛΓΕΡΙΑΝ

Ὁ στρατηγὸς Ντὲ Γκὼλ ὁμιλῶν ἀπὸ ραδιοφώνου καὶ τηλεοράσεως ἐδήλωσεν ὅτι ἡ Γαλλία ἀποβλέπει εἰς τὴν ταχεῖαν εἰρήνευσιν τῆς Ἀλγερίας καὶ ὅτι αἱ δυνάμεις θὰ μεταφερθοῦν εἰς τὴν Εὐρώπην διὰ νὰ συγκροτηθοῦν ἀτομικαὶ μονάδες ἐντὸς τοῦ πλαισίου τῆς ἀμύνης τῆς Δύσεως.

Ὁ στρατηγὸς Ντὲ Γκὼλ ὁμιλῶν ἀπὸ ραδιοφώνου καὶ τηλεοράσεως ἐδήλωσεν ὅτι ἡ Γαλλία ἀποβλέπει εἰς τὴν ταχεῖαν εἰρήνευσιν τῆς Ἀλγερίας καὶ ὅτι αἱ δυνάμεις θὰ μεταφερθοῦν εἰς τὴν Εὐρώπην διὰ νὰ συγκροτηθοῦν ἀτομικαὶ μονάδες ἐντὸς τοῦ πλαισίου τῆς ἀμύνης τῆς Δύσεως.

ΟΙ ΠΟΛΙΤΙΚΟΙ ΗΓΕΤΑΙ

Ὁ στρατηγὸς Ντὲ Γκὼλ ὁμιλῶν ἀπὸ ραδιοφώνου καὶ τηλεοράσεως ἐδήλωσεν ὅτι ἡ Γαλλία ἀποβλέπει εἰς τὴν ταχεῖαν εἰρήνευσιν τῆς Ἀλγερίας καὶ ὅτι αἱ δυνάμεις θὰ μεταφερθοῦν εἰς τὴν Εὐρώπην διὰ νὰ συγκροτηθοῦν ἀτομικαὶ μονάδες ἐντὸς τοῦ πλαισίου τῆς ἀμύνης τῆς Δύσεως.

ΑΝΕΠΙΦΥΛΑΚΤΟΙ ΑΙ ΕΛΠΙΔΕΣ

Ὁ στρατηγὸς Ντὲ Γκὼλ ὁμιλῶν ἀπὸ ραδιοφώνου καὶ τηλεοράσεως ἐδήλωσεν ὅτι ἡ Γαλλία ἀποβλέπει εἰς τὴν ταχεῖαν εἰρήνευσιν τῆς Ἀλγερίας καὶ ὅτι αἱ δυνάμεις θὰ μεταφερθοῦν εἰς τὴν Εὐρώπην διὰ νὰ συγκροτηθοῦν ἀτομικαὶ μονάδες ἐντὸς τοῦ πλαισίου τῆς ἀμύνης τῆς Δύσεως.

Η ΑΓΓΛΙΚΗ ΝΗΣΟΣ

Ὁ στρατηγὸς Ντὲ Γκὼλ ὁμιλῶν ἀπὸ ραδιοφώνου καὶ τηλεοράσεως ἐδήλωσεν ὅτι ἡ Γαλλία ἀποβλέπει εἰς τὴν ταχεῖαν εἰρήνευσιν τῆς Ἀλγερίας καὶ ὅτι αἱ δυνάμεις θὰ μεταφερθοῦν εἰς τὴν Εὐρώπην διὰ νὰ συγκροτηθοῦν ἀτομικαὶ μονάδες ἐντὸς τοῦ πλαισίου τῆς ἀμύνης τῆς Δύσεως.

ΣΥΣΚΕΨΙΣ ΕΙΣ ΒΗΡΥΤΟΝ

Ὁ στρατηγὸς Ντὲ Γκὼλ ὁμιλῶν ἀπὸ ραδιοφώνου καὶ τηλεοράσεως ἐδήλωσεν ὅτι ἡ Γαλλία ἀποβλέπει εἰς τὴν ταχεῖαν εἰρήνευσιν τῆς Ἀλγερίας καὶ ὅτι αἱ δυνάμεις θὰ μεταφερθοῦν εἰς τὴν Εὐρώπην διὰ νὰ συγκροτηθοῦν ἀτομικαὶ μονάδες ἐντὸς τοῦ πλαισίου τῆς ἀμύνης τῆς Δύσεως.

ΣΥΝΤΟΜΩΣ ΘΑ ΑΠΟΦΑΣΙΣΘΗ
ΑΥΤΟΜΑΤΟΣ ΕΝΗΜΕΡΩΣΙΣ ΤΩΝ ΕΚΛΟΓΙΚΩΝ ΚΑΤΑΛΟΓΩΝ

Ὁ στρατηγὸς Ντὲ Γκὼλ ὁμιλῶν ἀπὸ ραδιοφώνου καὶ τηλεοράσεως ἐδήλωσεν ὅτι ἡ Γαλλία ἀποβλέπει εἰς τὴν ταχεῖαν εἰρήνευσιν τῆς Ἀλγερίας καὶ ὅτι αἱ δυνάμεις θὰ μεταφερθοῦν εἰς τὴν Εὐρώπην διὰ νὰ συγκροτηθοῦν ἀτομικαὶ μονάδες ἐντὸς τοῦ πλαισίου τῆς ἀμύνης τῆς Δύσεως.

Η ΣΥΝΕΛΕΥΣΙΣ ΤΩΝ ΕΚΠΡΟΣΩΠΩΝ ΤΩΝ ΚΑΠΝΕΜΠΟΡΩΝ

Ὁ στρατηγὸς Ντὲ Γκὼλ ὁμιλῶν ἀπὸ ραδιοφώνου καὶ τηλεοράσεως ἐδήλωσεν ὅτι ἡ Γαλλία ἀποβλέπει εἰς τὴν ταχεῖαν εἰρήνευσιν τῆς Ἀλγερίας καὶ ὅτι αἱ δυνάμεις θὰ μεταφερθοῦν εἰς τὴν Εὐρώπην διὰ νὰ συγκροτηθοῦν ἀτομικαὶ μονάδες ἐντὸς τοῦ πλαισίου τῆς ἀμύνης τῆς Δύσεως.

ΥΠΕΡ ΑΝΟΝΙΜΟΥ ΖΗΤΕΙ ΝΥΜΦΗΝ ΜΕΧΡΙ 50 ΕΤΩΝ

Ὁ στρατηγὸς Ντὲ Γκὼλ ὁμιλῶν ἀπὸ ραδιοφώνου καὶ τηλεοράσεως ἐδήλωσεν ὅτι ἡ Γαλλία ἀποβλέπει εἰς τὴν ταχεῖαν εἰρήνευσιν τῆς Ἀλγερίας καὶ ὅτι αἱ δυνάμεις θὰ μεταφερθοῦν εἰς τὴν Εὐρώπην διὰ νὰ συγκροτηθοῦν ἀτομικαὶ μονάδες ἐντὸς τοῦ πλαισίου τῆς ἀμύνης τῆς Δύσεως.

ΑΠΟΦΑΣΙΣΤΙΚΑΙ ΕΞΕΛΙΞΕΙΣ ΣΗΜΕΙΟΥΝΤΑΙ
Γενικὴ ἐπίθεσις εἰς τὸ Λάος
ΟΚΤΩ ΧΙΛΙΑΔΕΣ ΒΙΕΤΜΙΝΟΙ
140 ΘΩΡΑΚΙΣΜΕΝΑ ΟΧΗΜΑΤΑ
ΚΙΝΟΥΝΤΑΙ ΠΡΟΣ ΒΙΕΝΤΙΑΝΕ
Βοήθειαν ἐκ τοῦ ἐξωτερικοῦ θὰ ζητήσῃ
ἡ κυβέρνησις τοῦ πρίγκηπος Μπούν Οὔμ

Αἱ κομμουνιστικαὶ δυνάμεις προελαύνουν πρὸς τὴν πρωτεύουσαν τοῦ Λάος, ἐνῷ ἡ κυβέρνησις ἐξετάζει τὸ ἐνδεχόμενον νὰ ζητήσῃ βοήθειαν ἐκ τοῦ ἐξωτερικοῦ. Κατὰ τὰς πληροφορίας, ὀκτὼ χιλιάδες ἄνδρες μετέχουν εἰς τὴν ἐπίθεσιν.

Αἱ κομμουνιστικαὶ δυνάμεις προελαύνουν πρὸς τὴν πρωτεύουσαν τοῦ Λάος, ἐνῷ ἡ κυβέρνησις ἐξετάζει τὸ ἐνδεχόμενον νὰ ζητήσῃ βοήθειαν ἐκ τοῦ ἐξωτερικοῦ. Κατὰ τὰς πληροφορίας, ὀκτὼ χιλιάδες ἄνδρες μετέχουν εἰς τὴν ἐπίθεσιν.

ΡΩΣΣΙΚΑ ΣΤΡΑΤΕΥΜΑΤΑ

Αἱ κομμουνιστικαὶ δυνάμεις προελαύνουν πρὸς τὴν πρωτεύουσαν τοῦ Λάος, ἐνῷ ἡ κυβέρνησις ἐξετάζει τὸ ἐνδεχόμενον νὰ ζητήσῃ βοήθειαν ἐκ τοῦ ἐξωτερικοῦ. Κατὰ τὰς πληροφορίας, ὀκτὼ χιλιάδες ἄνδρες μετέχουν εἰς τὴν ἐπίθεσιν.

Αἱ κομμουνιστικαὶ δυνάμεις προελαύνουν πρὸς τὴν πρωτεύουσαν τοῦ Λάος, ἐνῷ ἡ κυβέρνησις ἐξετάζει τὸ ἐνδεχόμενον νὰ ζητήσῃ βοήθειαν ἐκ τοῦ ἐξωτερικοῦ. Κατὰ τὰς πληροφορίας, ὀκτὼ χιλιάδες ἄνδρες μετέχουν εἰς τὴν ἐπίθεσιν.

ΕΠΙΣΤΡΑΤΕΥΣΙΣ

Αἱ κομμουνιστικαὶ δυνάμεις προελαύνουν πρὸς τὴν πρωτεύουσαν τοῦ Λάος, ἐνῷ ἡ κυβέρνησις ἐξετάζει τὸ ἐνδεχόμενον νὰ ζητήσῃ βοήθειαν ἐκ τοῦ ἐξωτερικοῦ. Κατὰ τὰς πληροφορίας, ὀκτὼ χιλιάδες ἄνδρες μετέχουν εἰς τὴν ἐπίθεσιν.

ΑΜΕΡΙΚΑΝΙΚΩΝ ΑΕΡΟΠΛΑΝΩΝ

Αἱ κομμουνιστικαὶ δυνάμεις προελαύνουν πρὸς τὴν πρωτεύουσαν τοῦ Λάος, ἐνῷ ἡ κυβέρνησις ἐξετάζει τὸ ἐνδεχόμενον νὰ ζητήσῃ βοήθειαν ἐκ τοῦ ἐξωτερικοῦ. Κατὰ τὰς πληροφορίας, ὀκτὼ χιλιάδες ἄνδρες μετέχουν εἰς τὴν ἐπίθεσιν.

ΤΟ ΝΑΤΟ ΠΡΕΠΕΙ ΝΑ ΕΙΝΑΙ ΠΡΟΗΤΟΙΜΑΣΜΕΝΟΝ ΔΙΑΚΗΡΥΣΣΕΙ Ο ΓΕΝΙΚΟΣ ΓΡΑΜΜΑΤΕΥΣ ΤΟΥ ΔΙΟΤΙ ΑΝΑ ΠΑΣΑΝ ΣΤΙΓΜΗΝ ΕΙΝΑΙ ΔΥΝΑΤΟΝ ΝΑ ΜΕΤΑΒΛΗΘΗ Η ΣΤΑΣΙΣ ΤΗΣ ΣΟΒ. ΕΝΩΣΕΩΣ

Αἱ κομμουνιστικαὶ δυνάμεις προελαύνουν πρὸς τὴν πρωτεύουσαν τοῦ Λάος, ἐνῷ ἡ κυβέρνησις ἐξετάζει τὸ ἐνδεχόμενον νὰ ζητήσῃ βοήθειαν ἐκ τοῦ ἐξωτερικοῦ. Κατὰ τὰς πληροφορίας, ὀκτὼ χιλιάδες ἄνδρες μετέχουν εἰς τὴν ἐπίθεσιν.

Αἱ κομμουνιστικαὶ δυνάμεις προελαύνουν πρὸς τὴν πρωτεύουσαν τοῦ Λάος, ἐνῷ ἡ κυβέρνησις ἐξετάζει τὸ ἐνδεχόμενον νὰ ζητήσῃ βοήθειαν ἐκ τοῦ ἐξωτερικοῦ. Κατὰ τὰς πληροφορίας, ὀκτὼ χιλιάδες ἄνδρες μετέχουν εἰς τὴν ἐπίθεσιν.

Ο ΠΡΟΕΔΡΟΣ ΚΕΝΝΕΝΤΥ ΕΔΕΧΘΗ ΕΙΣ ΤΟΝ ΛΕΥΚΟΝ ΟΙΚΟΝ ΤΟΝ ΠΡΟΕΔΡΟΝ ΤΗΣ ΚΟΓΚΟΛΕΖΙΚΗΣ ΚΥΒΕΡΝΗΣΕΩΣ

Αἱ κομμουνιστικαὶ δυνάμεις προελαύνουν πρὸς τὴν πρωτεύουσαν τοῦ Λάος, ἐνῷ ἡ κυβέρνησις ἐξετάζει τὸ ἐνδεχόμενον νὰ ζητήσῃ βοήθειαν ἐκ τοῦ ἐξωτερικοῦ. Κατὰ τὰς πληροφορίας, ὀκτὼ χιλιάδες ἄνδρες μετέχουν εἰς τὴν ἐπίθεσιν.

ΚΑΙ ΜΕ ΤΟΝ ΖΟΡΙΝ

Αἱ κομμουνιστικαὶ δυνάμεις προελαύνουν πρὸς τὴν πρωτεύουσαν τοῦ Λάος, ἐνῷ ἡ κυβέρνησις ἐξετάζει τὸ ἐνδεχόμενον νὰ ζητήσῃ βοήθειαν ἐκ τοῦ ἐξωτερικοῦ. Κατὰ τὰς πληροφορίας, ὀκτὼ χιλιάδες ἄνδρες μετέχουν εἰς τὴν ἐπίθεσιν.

ΣΤΙΣ ΠΡΟΘΕΣΜΙΑΝ

Αἱ κομμουνιστικαὶ δυνάμεις προελαύνουν πρὸς τὴν πρωτεύουσαν τοῦ Λάος, ἐνῷ ἡ κυβέρνησις ἐξετάζει τὸ ἐνδεχόμενον νὰ ζητήσῃ βοήθειαν ἐκ τοῦ ἐξωτερικοῦ. Κατὰ τὰς πληροφορίας, ὀκτὼ χιλιάδες ἄνδρες μετέχουν εἰς τὴν ἐπίθεσιν.

ΤΑ ΠΤΩΜΑΤΑ ΔΥΟ ΒΕΑΓΩΝ

Αἱ κομμουνιστικαὶ δυνάμεις προελαύνουν πρὸς τὴν πρωτεύουσαν τοῦ Λάος, ἐνῷ ἡ κυβέρνησις ἐξετάζει τὸ ἐνδεχόμενον νὰ ζητήσῃ βοήθειαν ἐκ τοῦ ἐξωτερικοῦ. Κατὰ τὰς πληροφορίας, ὀκτὼ χιλιάδες ἄνδρες μετέχουν εἰς τὴν ἐπίθεσιν.

ΑΝΑΣΤΑΤΩΣΙΝ ΘΑ ΕΠΙΦΕΡΗ ΚΑΤΑ ΤΟΥΣ ΡΩΣΣΟΥΣ Η ΕΞΑΠΟΛΥΣΙΣ ΤΩΝ ΒΕΛΟΝΩΝ ΕΙΣ ΤΟ ΔΙΑΣΤΗΜΑ
ΚΕΝΝΕΝΤΥ—ΓΚΛΕΝ

Αἱ κομμουνιστικαὶ δυνάμεις προελαύνουν πρὸς τὴν πρωτεύουσαν τοῦ Λάος, ἐνῷ ἡ κυβέρνησις ἐξετάζει τὸ ἐνδεχόμενον νὰ ζητήσῃ βοήθειαν ἐκ τοῦ ἐξωτερικοῦ. Κατὰ τὰς πληροφορίας, ὀκτὼ χιλιάδες ἄνδρες μετέχουν εἰς τὴν ἐπίθεσιν.

Αἱ κομμουνιστικαὶ δυνάμεις προελαύνουν πρὸς τὴν πρωτεύουσαν τοῦ Λάος, ἐνῷ ἡ κυβέρνησις ἐξετάζει τὸ ἐνδεχόμενον νὰ ζητήσῃ βοήθειαν ἐκ τοῦ ἐξωτερικοῦ. Κατὰ τὰς πληροφορίας, ὀκτὼ χιλιάδες ἄνδρες μετέχουν εἰς τὴν ἐπίθεσιν.

Ο Ι.Κ.Α. ΘΑ ΕΦΑΡΜΟΣΗ ΑΠΟΤΕΛΕΣΜΑΤΙΚΟΣ ΤΟΝ ΘΕΣΜΟΝ ΤΟΥ ΟΙΚΟΓΕΝΕΙΑΚΟΥ ΙΑΤΡΟΥ

Αἱ κομμουνιστικαὶ δυνάμεις προελαύνουν πρὸς τὴν πρωτεύουσαν τοῦ Λάος, ἐνῷ ἡ κυβέρνησις ἐξετάζει τὸ ἐνδεχόμενον νὰ ζητήσῃ βοήθειαν ἐκ τοῦ ἐξωτερικοῦ. Κατὰ τὰς πληροφορίας, ὀκτὼ χιλιάδες ἄνδρες μετέχουν εἰς τὴν ἐπίθεσιν.

Αἱ κομμουνιστικαὶ δυνάμεις προελαύνουν πρὸς τὴν πρωτεύουσαν τοῦ Λάος, ἐνῷ ἡ κυβέρνησις ἐξετάζει τὸ ἐνδεχόμενον νὰ ζητήσῃ βοήθειαν ἐκ τοῦ ἐξωτερικοῦ. Κατὰ τὰς πληροφορίας, ὀκτὼ χιλιάδες ἄνδρες μετέχουν εἰς τὴν ἐπίθεσιν.

ΕΙΣ ΤΗΝ ΜΕΓΑΛΗΝ ΒΡΕΤΑΝΝΙΑΝ ΑΠΗΡΓΗΣΑΝ ΠΕΡΙ ΤΑ ΤΡΙΑ ΕΚΑΤΟΜΜΥΡΙΑ ΜΗΧΑΝΟΥΡΓΩΝ

Αἱ κομμουνιστικαὶ δυνάμεις προελαύνουν πρὸς τὴν πρωτεύουσαν τοῦ Λάος, ἐνῷ ἡ κυβέρνησις ἐξετάζει τὸ ἐνδεχόμενον νὰ ζητήσῃ βοήθειαν ἐκ τοῦ ἐξωτερικοῦ. Κατὰ τὰς πληροφορίας, ὀκτὼ χιλιάδες ἄνδρες μετέχουν εἰς τὴν ἐπίθεσιν.

Αἱ κομμουνιστικαὶ δυνάμεις προελαύνουν πρὸς τὴν πρωτεύουσαν τοῦ Λάος, ἐνῷ ἡ κυβέρνησις ἐξετάζει τὸ ἐνδεχόμενον νὰ ζητήσῃ βοήθειαν ἐκ τοῦ ἐξωτερικοῦ. Κατὰ τὰς πληροφορίας, ὀκτὼ χιλιάδες ἄνδρες μετέχουν εἰς τὴν ἐπίθεσιν.

ΗΤΤΗΘΗΣΑΝ ΟΙ ΚΟΜΜΟΥΝΙΣΤΑΙ
ΕΙΣ ΤΑΣ ΦΙΝΛΑΝΔΙΚΑΣ ΕΚΛΟΓΑΣ
ΟΙ ΑΓΡΟΤΙΚΟΙ ΤΟΥ κ. ΚΕΚΚΟΝΕΝ
ΠΛΕΙΟΨΗΦΟΥΝ ΕΙΣ ΤΗΝ ΒΟΥΛΗΝ
Θὰ σχηματισθῇ κυβέρνησις συνασπισμοῦ

Αἱ κομμουνιστικαὶ δυνάμεις προελαύνουν πρὸς τὴν πρωτεύουσαν τοῦ Λάος, ἐνῷ ἡ κυβέρνησις ἐξετάζει τὸ ἐνδεχόμενον νὰ ζητήσῃ βοήθειαν ἐκ τοῦ ἐξωτερικοῦ. Κατὰ τὰς πληροφορίας, ὀκτὼ χιλιάδες ἄνδρες μετέχουν εἰς τὴν ἐπίθεσιν.

ΚΥΒΕΡΝΗΣΙΣ ΣΥΝΑΣΠΙΣΜΟΥ

Αἱ κομμουνιστικαὶ δυνάμεις προελαύνουν πρὸς τὴν πρωτεύουσαν τοῦ Λάος, ἐνῷ ἡ κυβέρνησις ἐξετάζει τὸ ἐνδεχόμενον νὰ ζητήσῃ βοήθειαν ἐκ τοῦ ἐξωτερικοῦ. Κατὰ τὰς πληροφορίας, ὀκτὼ χιλιάδες ἄνδρες μετέχουν εἰς τὴν ἐπίθεσιν.

Αἱ κομμουνιστικαὶ δυνάμεις προελαύνουν πρὸς τὴν πρωτεύουσαν τοῦ Λάος, ἐνῷ ἡ κυβέρνησις ἐξετάζει τὸ ἐνδεχόμενον νὰ ζητήσῃ βοήθειαν ἐκ τοῦ ἐξωτερικοῦ. Κατὰ τὰς πληροφορίας, ὀκτὼ χιλιάδες ἄνδρες μετέχουν εἰς τὴν ἐπίθεσιν.

ΤΑ ΤΕΛΙΚΑ

Αἱ κομμουνιστικαὶ δυνάμεις προελαύνουν πρὸς τὴν πρωτεύουσαν τοῦ Λάος, ἐνῷ ἡ κυβέρνησις ἐξετάζει τὸ ἐνδεχόμενον νὰ ζητήσῃ βοήθειαν ἐκ τοῦ ἐξωτερικοῦ. Κατὰ τὰς πληροφορίας, ὀκτὼ χιλιάδες ἄνδρες μετέχουν εἰς τὴν ἐπίθεσιν.
